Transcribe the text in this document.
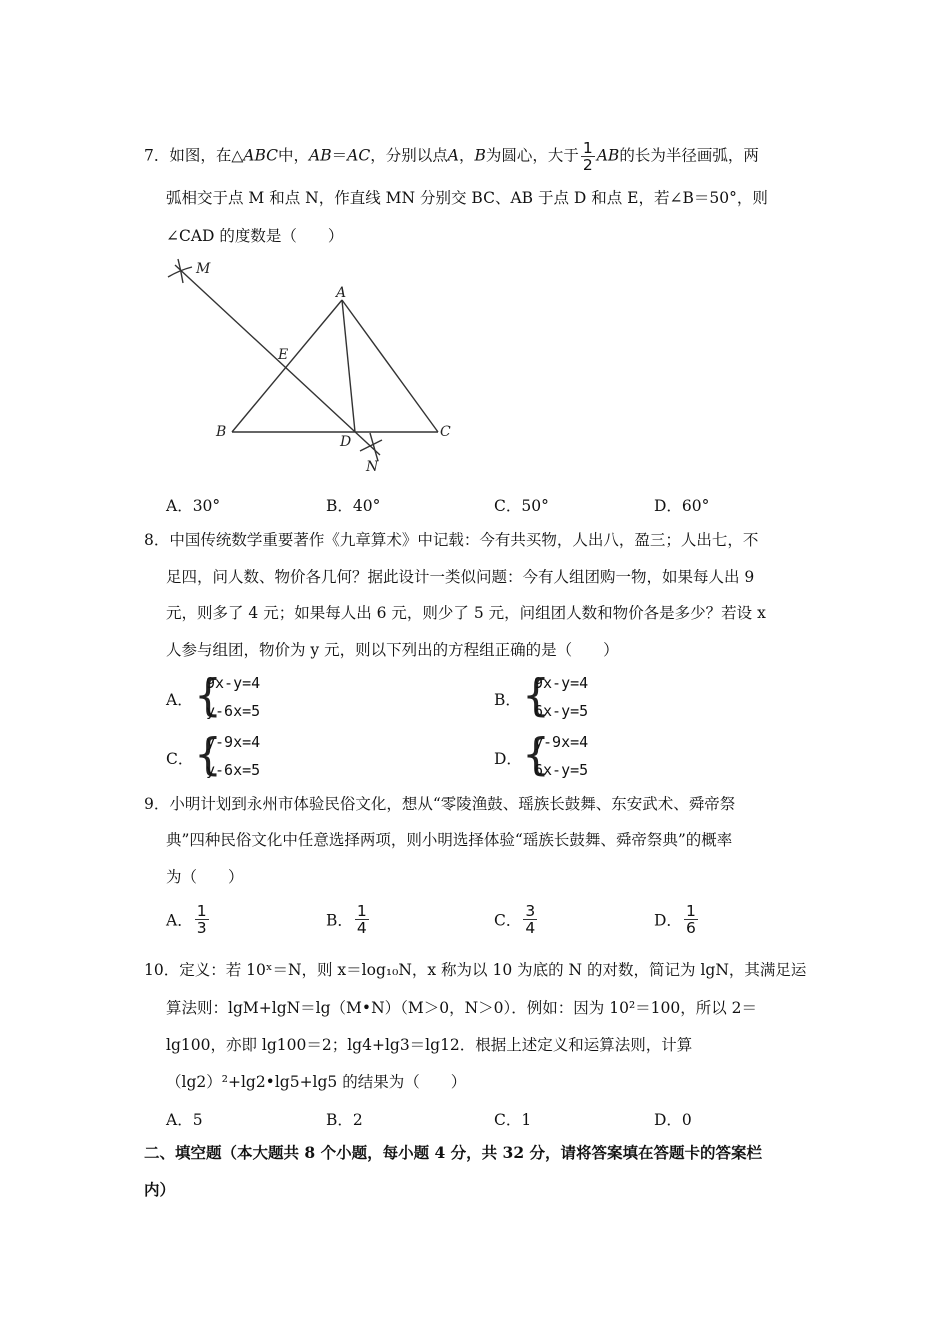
7．如图，在△ABC中，AB＝AC，分别以点A，B为圆心，大于 $\frac{1}{2}$ AB的长为半径画弧，两
弧相交于点 M 和点 N，作直线 MN 分别交 BC、AB 于点 D 和点 E，若∠B＝50°，则
∠CAD 的度数是（　　）
M
A
E
B
D
C
N
A．30°	B．40°	C．50°	D．60°
8．中国传统数学重要著作《九章算术》中记载：今有共买物，人出八，盈三；人出七，不
足四，问人数、物价各几何？据此设计一类似问题：今有人组团购一物，如果每人出 9
元，则多了 4 元；如果每人出 6 元，则少了 5 元，问组团人数和物价各是多少？若设 x
人参与组团，物价为 y 元，则以下列出的方程组正确的是（　　）
A． {
9x-y=4
y-6x=5
B． {
9x-y=4
6x-y=5
C． {
y-9x=4
y-6x=5
D． {
y-9x=4
6x-y=5
9．小明计划到永州市体验民俗文化，想从“零陵渔鼓、瑶族长鼓舞、东安武术、舜帝祭
典”四种民俗文化中任意选择两项，则小明选择体验“瑶族长鼓舞、舜帝祭典”的概率
为（　　）
A． $\frac{1}{3}$	B． $\frac{1}{4}$	C． $\frac{3}{4}$	D． $\frac{1}{6}$
10．定义：若 10ˣ＝N，则 x＝log₁₀N，x 称为以 10 为底的 N 的对数，简记为 lgN，其满足运
算法则：lgM+lgN＝lg（M•N）（M＞0，N＞0）．例如：因为 10²＝100，所以 2＝
lg100，亦即 lg100＝2；lg4+lg3＝lg12．根据上述定义和运算法则，计算
（lg2）²+lg2•lg5+lg5 的结果为（　　）
A．5	B．2	C．1	D．0
二、填空题（本大题共 8 个小题，每小题 4 分，共 32 分，请将答案填在答题卡的答案栏
内）
